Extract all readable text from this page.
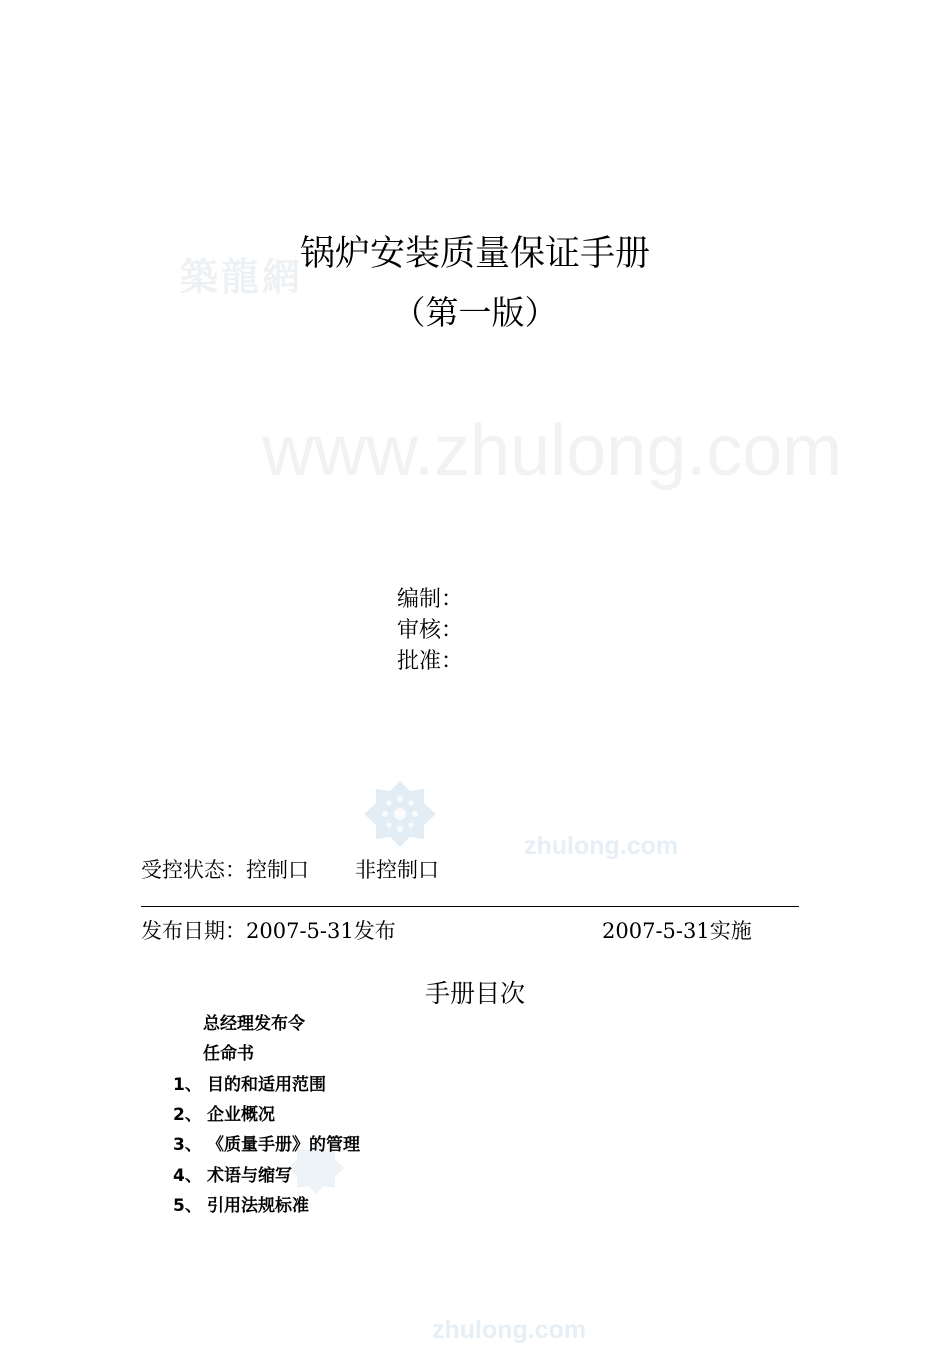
築龍網
www.zhulong.com
zhulong.com
zhulong.com
锅炉安装质量保证手册
（第一版）
编制：
审核：
批准：
受控状态：控制口 非控制口
发布日期：2007-5-31发布	2007-5-31实施
手册目次
总经理发布令
任命书
1、 目的和适用范围
2、 企业概况
3、 《质量手册》的管理
4、 术语与缩写
5、 引用法规标准
